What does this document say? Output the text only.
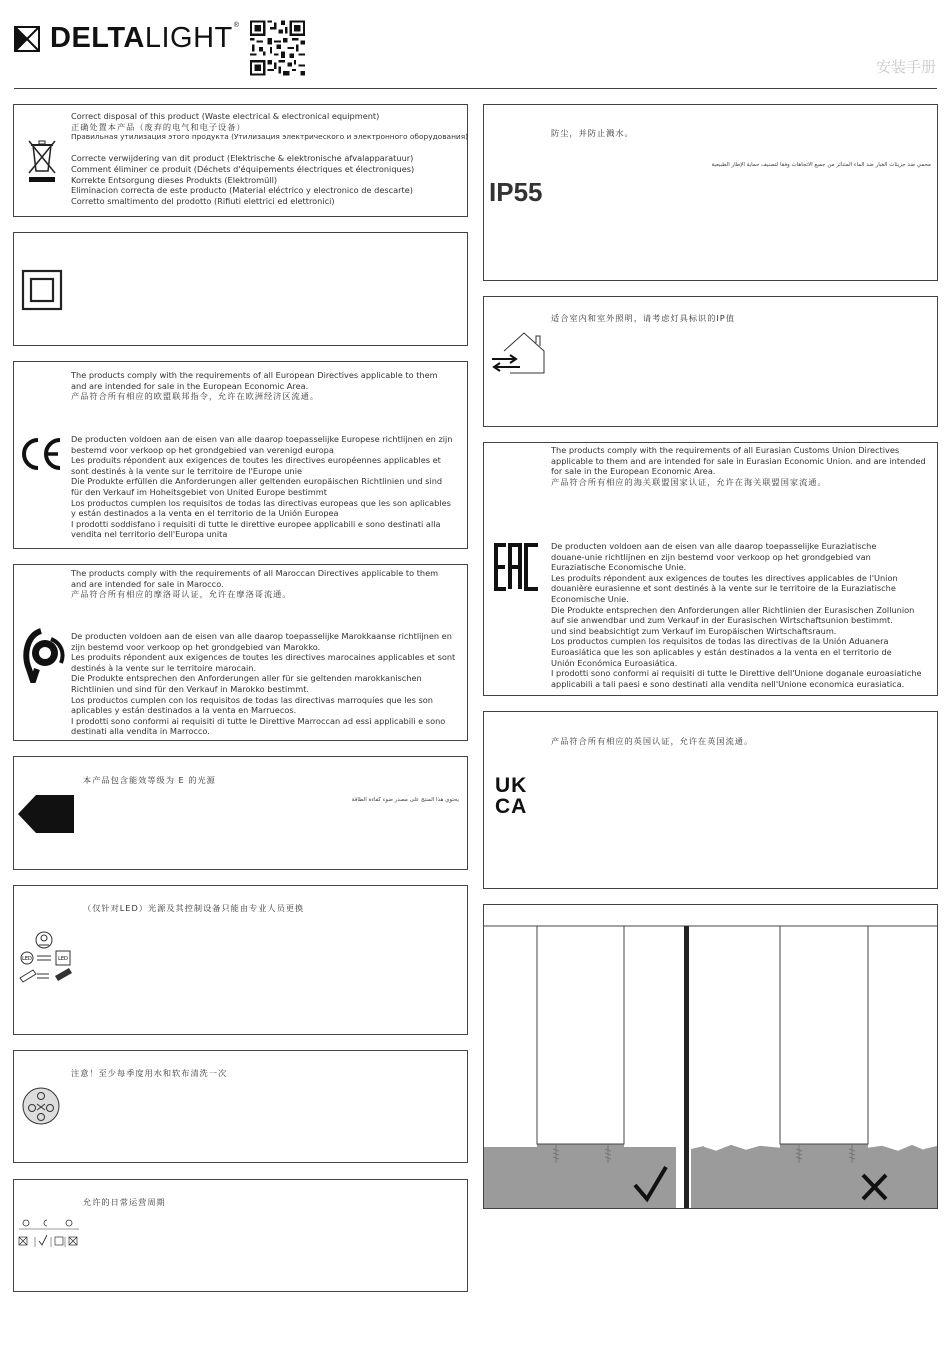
DELTALIGHT®
安装手册

Correct disposal of this product (Waste electrical & electronical equipment)

正确处置本产品（废弃的电气和电子设备）

Правильная утилизация этого продукта (Утилизация электрического и электронного оборудования)

Correcte verwijdering van dit product (Elektrische & elektronische afvalapparatuur)

Comment éliminer ce produit (Déchets d'équipements électriques et électroniques)

Korrekte Entsorgung dieses Produkts (Elektromüll)

Eliminacion correcta de este producto (Material eléctrico y electronico de descarte)

Corretto smaltimento del prodotto (Rifiuti elettrici ed elettronici)

The products comply with the requirements of all European Directives applicable to them

and are intended for sale in the European Economic Area.

产品符合所有相应的欧盟联邦指令，允许在欧洲经济区流通。

De producten voldoen aan de eisen van alle daarop toepasselijke Europese richtlijnen en zijn

bestemd voor verkoop op het grondgebied van verenigd europa

Les produits répondent aux exigences de toutes les directives européennes applicables et

sont destinés à la vente sur le territoire de l'Europe unie

Die Produkte erfüllen die Anforderungen aller geltenden europäischen Richtlinien und sind

für den Verkauf im Hoheitsgebiet von United Europe bestimmt

Los productos cumplen los requisitos de todas las directivas europeas que les son aplicables

y están destinados a la venta en el territorio de la Unión Europea

I prodotti soddisfano i requisiti di tutte le direttive europee applicabili e sono destinati alla

vendita nel territorio dell'Europa unita

The products comply with the requirements of all Maroccan Directives applicable to them

and are intended for sale in Marocco.

产品符合所有相应的摩洛哥认证，允许在摩洛哥流通。

De producten voldoen aan de eisen van alle daarop toepasselijke Marokkaanse richtlijnen en

zijn bestemd voor verkoop op het grondgebied van Marokko.

Les produits répondent aux exigences de toutes les directives marocaines applicables et sont

destinés à la vente sur le territoire marocain.

Die Produkte entsprechen den Anforderungen aller für sie geltenden marokkanischen

Richtlinien und sind für den Verkauf in Marokko bestimmt.

Los productos cumplen con los requisitos de todas las directivas marroquíes que les son

aplicables y están destinados a la venta en Marruecos.

I prodotti sono conformi ai requisiti di tutte le Direttive Marroccan ad essi applicabili e sono

destinati alla vendita in Marrocco.

本产品包含能效等级为 E 的光源
يحتوي هذا المنتج على مصدر ضوء كفاءة الطاقة
（仅针对LED）光源及其控制设备只能由专业人员更换
LED	LED
注意！至少每季度用水和软布清洗一次
允许的日常运营周期
防尘，并防止溅水。
محمي ضد جزيئات الغبار ضد الماء المتناثر من جميع الاتجاهات وفقا لتصنيف حماية الإطار الطبيعية
IP55
适合室内和室外照明，请考虑灯具标识的IP值

The products comply with the requirements of all Eurasian Customs Union Directives

applicable to them and are intended for sale in Eurasian Economic Union. and are intended

for sale in the European Economic Area.

产品符合所有相应的海关联盟国家认证，允许在海关联盟国家流通。

De producten voldoen aan de eisen van alle daarop toepasselijke Euraziatische

douane-unie richtlijnen en zijn bestemd voor verkoop op het grondgebied van

Euraziatische Economische Unie.

Les produits répondent aux exigences de toutes les directives applicables de l'Union

douanière eurasienne et sont destinés à la vente sur le territoire de la Euraziatische

Economische Unie.

Die Produkte entsprechen den Anforderungen aller Richtlinien der Eurasischen Zollunion

auf sie anwendbar und zum Verkauf in der Eurasischen Wirtschaftsunion bestimmt.

und sind beabsichtigt zum Verkauf im Europäischen Wirtschaftsraum.

Los productos cumplen los requisitos de todas las directivas de la Unión Aduanera

Euroasiática que les son aplicables y están destinados a la venta en el territorio de

Unión Económica Euroasiática.

I prodotti sono conformi ai requisiti di tutte le Direttive dell'Unione doganale euroasiatiche

applicabili a tali paesi e sono destinati alla vendita nell'Unione economica eurasiatica.

产品符合所有相应的英国认证，允许在英国流通。
UK
CA
